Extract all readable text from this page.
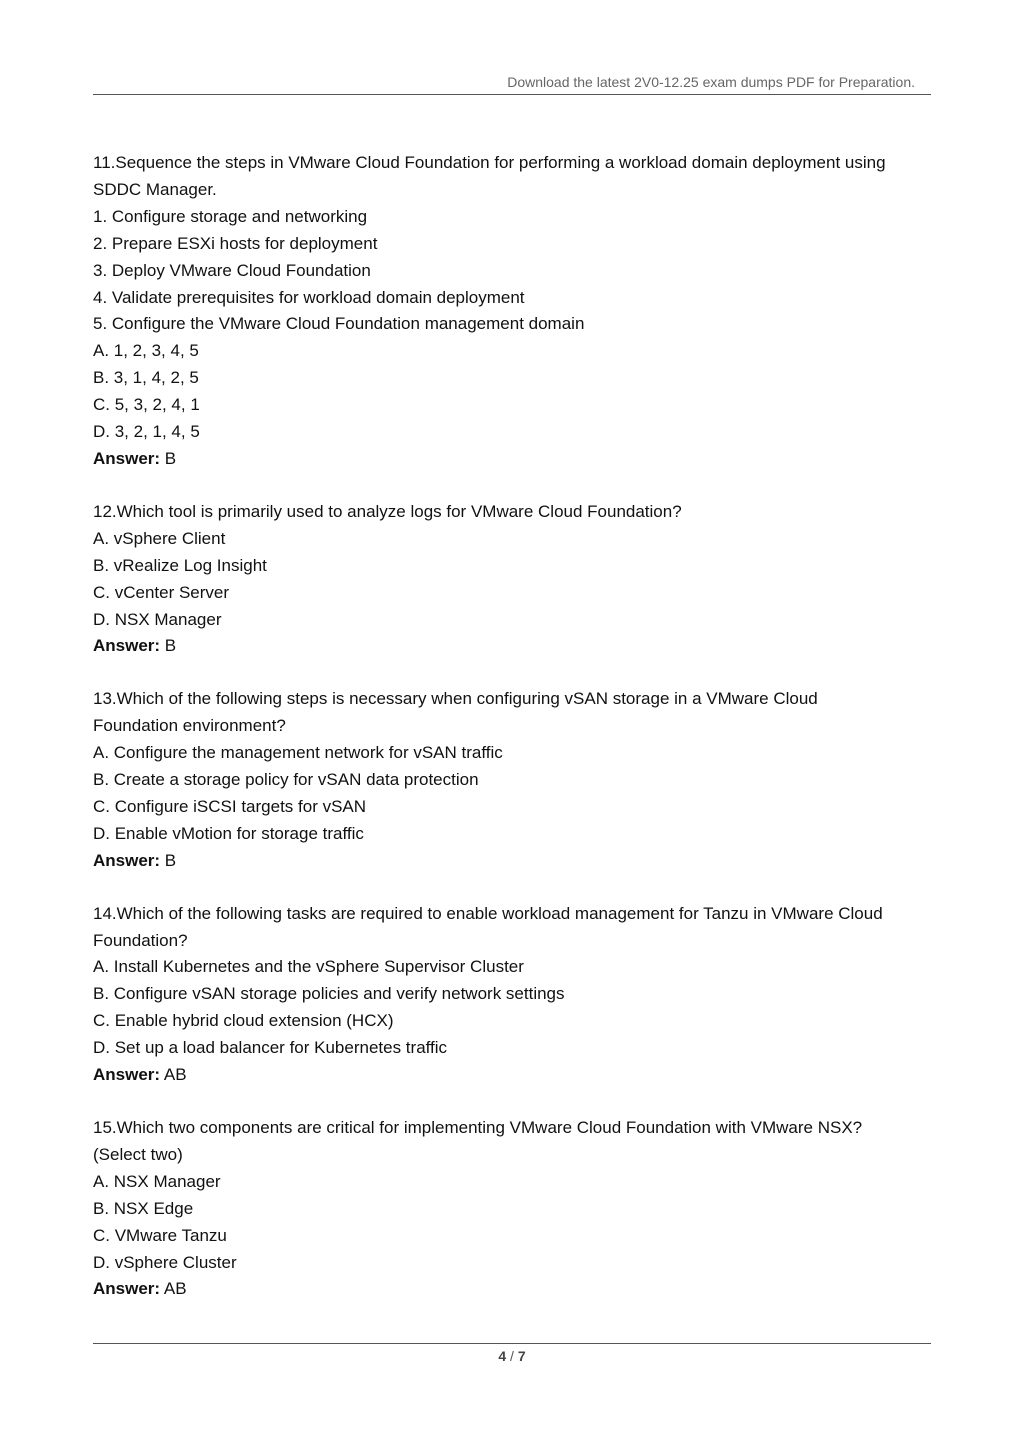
Download the latest 2V0-12.25 exam dumps PDF for Preparation.

11.Sequence the steps in VMware Cloud Foundation for performing a workload domain deployment using

SDDC Manager.

1. Configure storage and networking

2. Prepare ESXi hosts for deployment

3. Deploy VMware Cloud Foundation

4. Validate prerequisites for workload domain deployment

5. Configure the VMware Cloud Foundation management domain

A. 1, 2, 3, 4, 5

B. 3, 1, 4, 2, 5

C. 5, 3, 2, 4, 1

D. 3, 2, 1, 4, 5

Answer: B

12.Which tool is primarily used to analyze logs for VMware Cloud Foundation?

A. vSphere Client

B. vRealize Log Insight

C. vCenter Server

D. NSX Manager

Answer: B

13.Which of the following steps is necessary when configuring vSAN storage in a VMware Cloud

Foundation environment?

A. Configure the management network for vSAN traffic

B. Create a storage policy for vSAN data protection

C. Configure iSCSI targets for vSAN

D. Enable vMotion for storage traffic

Answer: B

14.Which of the following tasks are required to enable workload management for Tanzu in VMware Cloud

Foundation?

A. Install Kubernetes and the vSphere Supervisor Cluster

B. Configure vSAN storage policies and verify network settings

C. Enable hybrid cloud extension (HCX)

D. Set up a load balancer for Kubernetes traffic

Answer: AB

15.Which two components are critical for implementing VMware Cloud Foundation with VMware NSX?

(Select two)

A. NSX Manager

B. NSX Edge

C. VMware Tanzu

D. vSphere Cluster

Answer: AB

4 / 7
